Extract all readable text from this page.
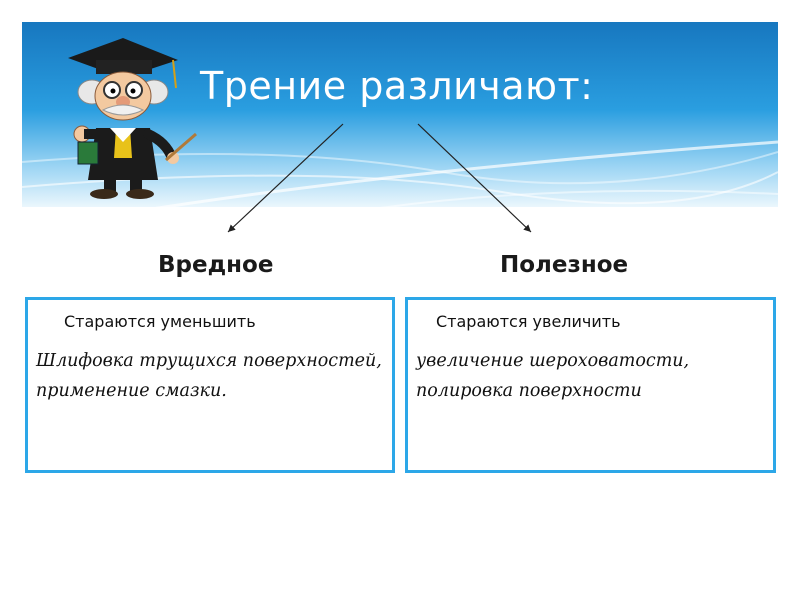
Трение различают:
Вредное	Полезное
Стараются уменьшить
Шлифовка трущихся поверхностей, применение смазки.
Стараются увеличить
увеличение шероховатости, полировка поверхности
